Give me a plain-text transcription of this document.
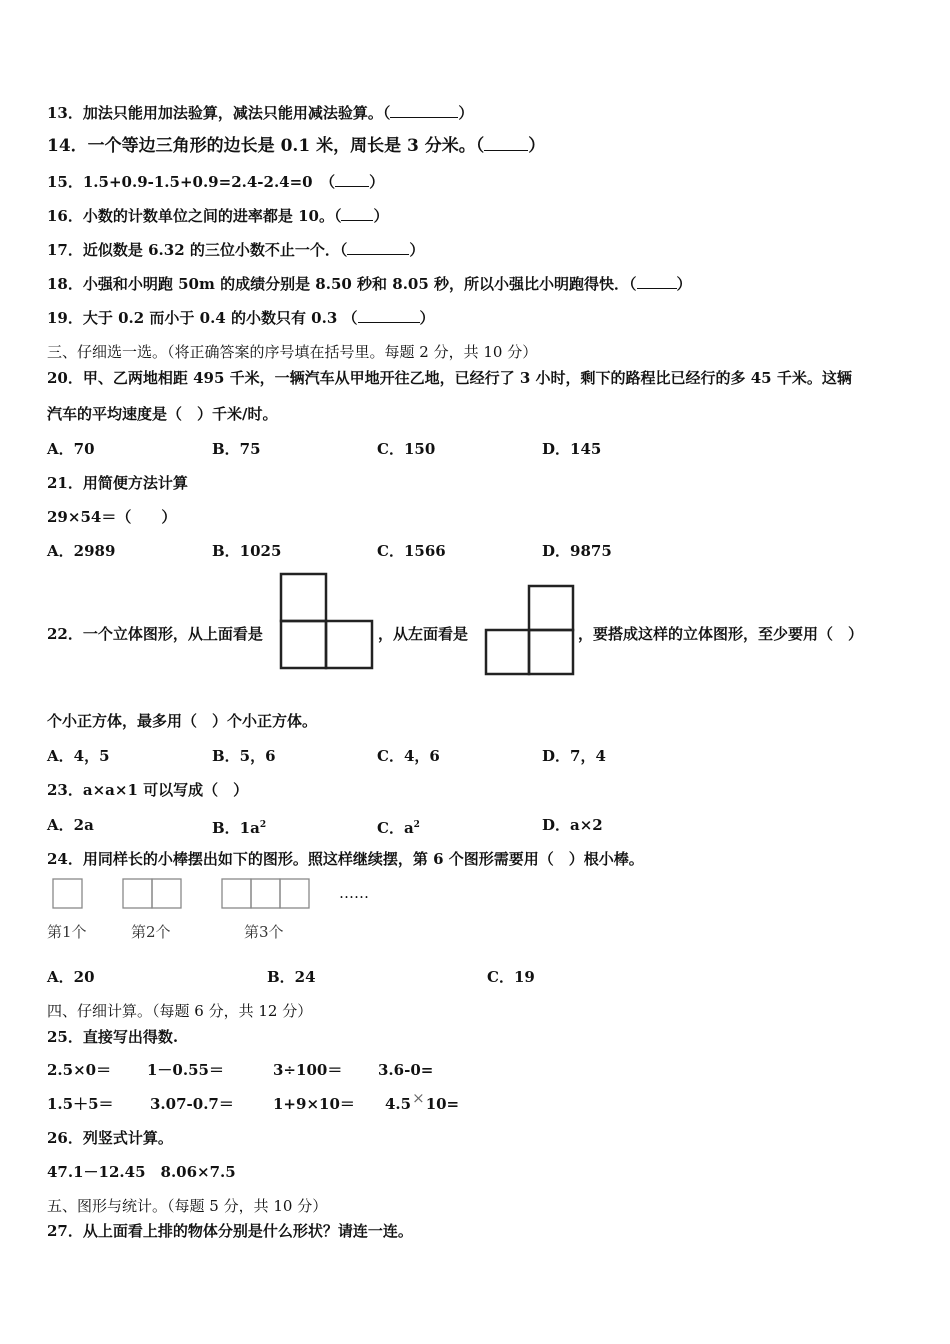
13．加法只能用加法验算，减法只能用减法验算。（	）
14．一个等边三角形的边长是 0.1 米，周长是 3 分米。（	）
15．1.5+0.9-1.5+0.9=2.4-2.4=0　（ ）
16．小数的计数单位之间的进率都是 10。（ ）
17．近似数是 6.32 的三位小数不止一个．（	）
18．小强和小明跑 50m 的成绩分别是 8.50 秒和 8.05 秒，所以小强比小明跑得快．（	）
19．大于 0.2 而小于 0.4 的小数只有 0.3 （	）
三、仔细选一选。（将正确答案的序号填在括号里。每题 2 分，共 10 分）
20．甲、乙两地相距 495 千米，一辆汽车从甲地开往乙地，已经行了 3 小时，剩下的路程比已经行的多 45 千米。这辆
汽车的平均速度是（　）千米/时。
A．70	B．75	C．150	D．145
21．用简便方法计算
29×54＝（　　）
A．2989	B．1025	C．1566	D．9875
22．一个立体图形，从上面看是	，从左面看是	，要搭成这样的立体图形，至少要用（　）
个小正方体，最多用（　）个小正方体。
A．4，5	B．5，6	C．4，6	D．7，4
23．a×a×1 可以写成（　）
A．2a	B．$1a^2$	C．$a^2$	D．a×2
24．用同样长的小棒摆出如下的图形。照这样继续摆，第 6 个图形需要用（　）根小棒。
……
第1个	第2个	第3个
A．20	B．24	C．19
四、仔细计算。（每题 6 分，共 12 分）
25．直接写出得数.
2.5×0＝ 1－0.55＝	3÷100＝ 3.6-0=
1.5＋5＝ 3.07-0.7＝	1+9×10＝ 4.5×10=
26．列竖式计算。
47.1－12.45　8.06×7.5
五、图形与统计。（每题 5 分，共 10 分）
27．从上面看上排的物体分别是什么形状？请连一连。
